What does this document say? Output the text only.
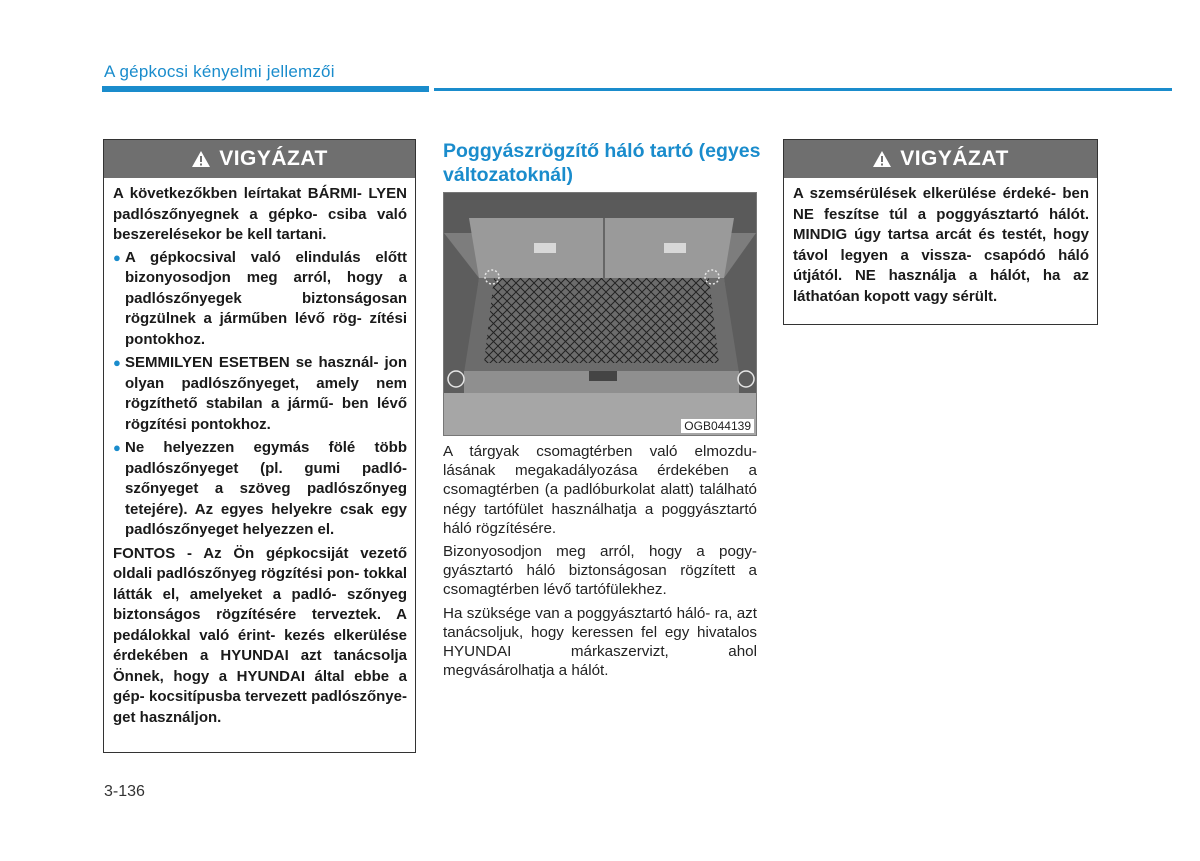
A gépkocsi kényelmi jellemzői
VIGYÁZAT

A következőkben leírtakat BÁRMI- LYEN padlószőnyegnek a gépko- csiba való beszerelésekor be kell tartani.

● A gépkocsival való elindulás előtt bizonyosodjon meg arról, hogy a padlószőnyegek biztonságosan rögzülnek a járműben lévő rög- zítési pontokhoz.
● SEMMILYEN ESETBEN se használ- jon olyan padlószőnyeget, amely nem rögzíthető stabilan a jármű- ben lévő rögzítési pontokhoz.
● Ne helyezzen egymás fölé több padlószőnyeget (pl. gumi padló- szőnyeget a szöveg padlószőnyeg tetejére). Az egyes helyekre csak egy padlószőnyeget helyezzen el.

FONTOS - Az Ön gépkocsiját vezető oldali padlószőnyeg rögzítési pon- tokkal látták el, amelyeket a padló- szőnyeg biztonságos rögzítésére terveztek. A pedálokkal való érint- kezés elkerülése érdekében a HYUNDAI azt tanácsolja Önnek, hogy a HYUNDAI által ebbe a gép- kocsitípusba tervezett padlószőnye- get használjon.

Poggyászrögzítő háló tartó (egyes változatoknál)
OGB044139

A tárgyak csomagtérben való elmozdu- lásának megakadályozása érdekében a csomagtérben (a padlóburkolat alatt) található négy tartófület használhatja a poggyásztartó háló rögzítésére.

Bizonyosodjon meg arról, hogy a pogy- gyásztartó háló biztonságosan rögzített a csomagtérben lévő tartófülekhez.

Ha szüksége van a poggyásztartó háló- ra, azt tanácsoljuk, hogy keressen fel egy hivatalos HYUNDAI márkaszervizt, ahol megvásárolhatja a hálót.

VIGYÁZAT

A szemsérülések elkerülése érdeké- ben NE feszítse túl a poggyásztartó hálót. MINDIG úgy tartsa arcát és testét, hogy távol legyen a vissza- csapódó háló útjától. NE használja a hálót, ha az láthatóan kopott vagy sérült.

3-136
